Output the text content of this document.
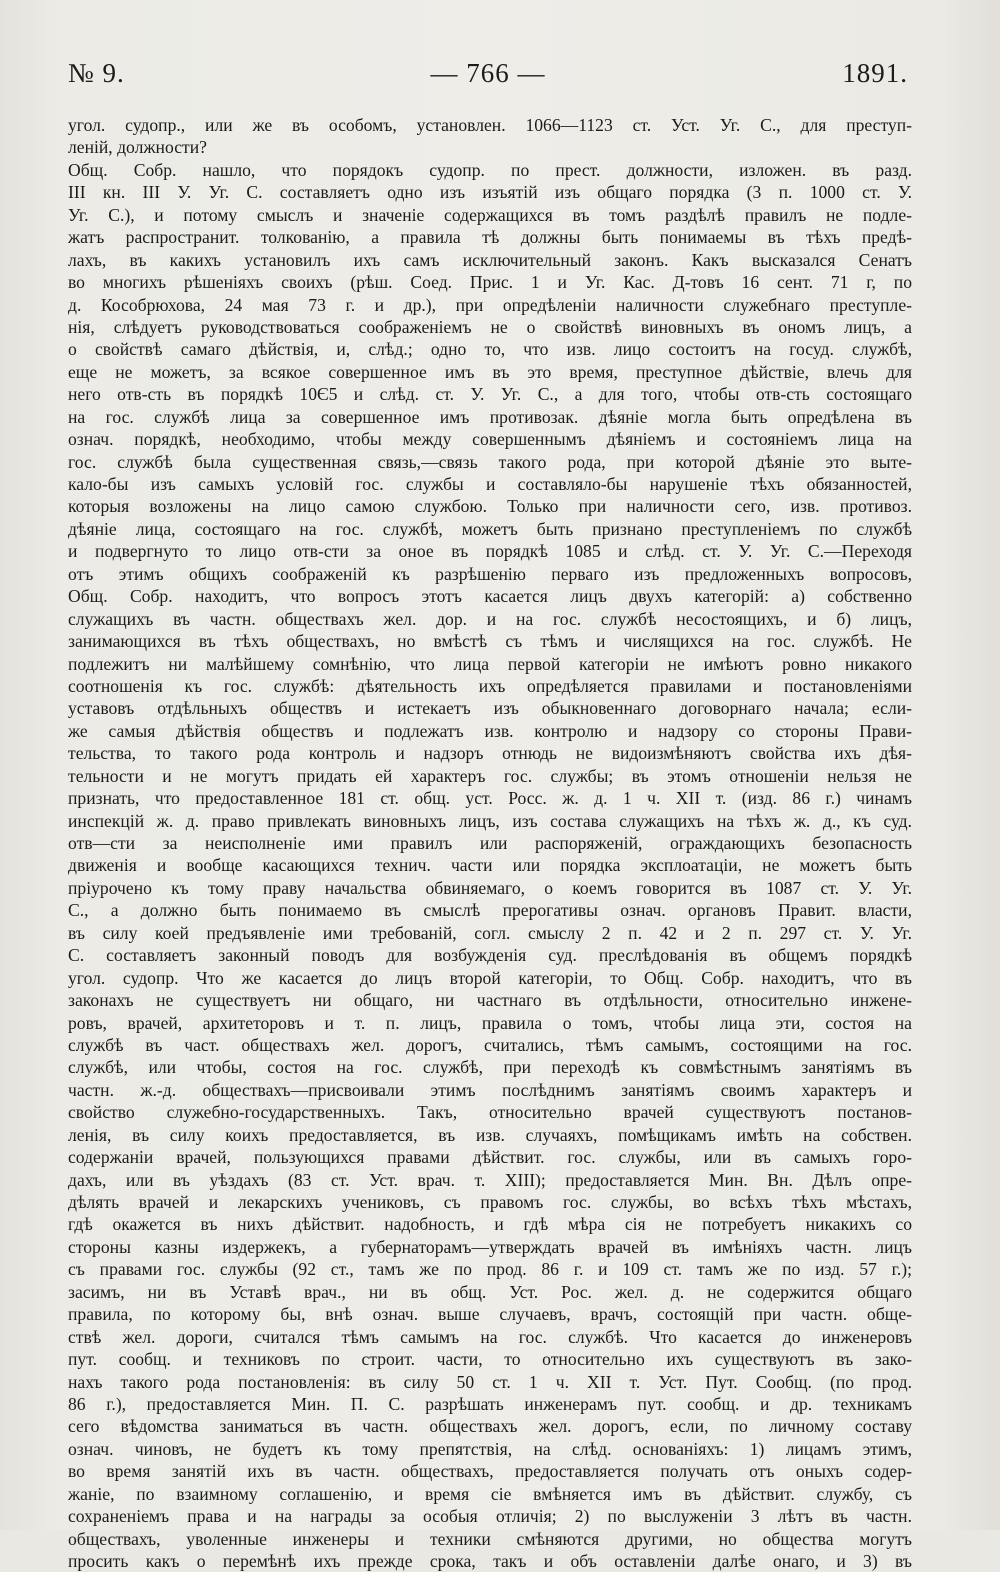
№ 9.	— 766 —	1891.
угол. судопр., или же въ особомъ, установлен. 1066—1123 ст. Уст. Уг. С., для преступ-
леній, должности?
Общ. Собр. нашло, что порядокъ судопр. по прест. должности, изложен. въ разд.
III кн. III У. Уг. С. составляетъ одно изъ изъятій изъ общаго порядка (3 п. 1000 ст. У.
Уг. С.), и потому смыслъ и значеніе содержащихся въ томъ раздѣлѣ правилъ не подле-
жатъ распространит. толкованію, а правила тѣ должны быть понимаемы въ тѣхъ предѣ-
лахъ, въ какихъ установилъ ихъ самъ исключительный законъ. Какъ высказался Сенатъ
во многихъ рѣшеніяхъ своихъ (рѣш. Соед. Прис. 1 и Уг. Кас. Д-товъ 16 сент. 71 г, по
д. Кособрюхова, 24 мая 73 г. и др.), при опредѣленіи наличности служебнаго преступле-
нія, слѣдуетъ руководствоваться соображеніемъ не о свойствѣ виновныхъ въ ономъ лицъ, а
о свойствѣ самаго дѣйствія, и, слѣд.; одно то, что изв. лицо состоитъ на госуд. службѣ,
еще не можетъ, за всякое совершенное имъ въ это время, преступное дѣйствіе, влечь для
него отв-сть въ порядкѣ 10Є5 и слѣд. ст. У. Уг. С., а для того, чтобы отв-сть состоящаго
на гос. службѣ лица за совершенное имъ противозак. дѣяніе могла быть опредѣлена въ
означ. порядкѣ, необходимо, чтобы между совершеннымъ дѣяніемъ и состояніемъ лица на
гос. службѣ была существенная связь,—связь такого рода, при которой дѣяніе это выте-
кало-бы изъ самыхъ условій гос. службы и составляло-бы нарушеніе тѣхъ обязанностей,
которыя возложены на лицо самою службою. Только при наличности сего, изв. противоз.
дѣяніе лица, состоящаго на гос. службѣ, можетъ быть признано преступленіемъ по службѣ
и подвергнуто то лицо отв-сти за оное въ порядкѣ 1085 и слѣд. ст. У. Уг. С.—Переходя
отъ этимъ общихъ соображеній къ разрѣшенію перваго изъ предложенныхъ вопросовъ,
Общ. Собр. находитъ, что вопросъ этотъ касается лицъ двухъ категорій: а) собственно
служащихъ въ частн. обществахъ жел. дор. и на гос. службѣ несостоящихъ, и б) лицъ,
занимающихся въ тѣхъ обществахъ, но вмѣстѣ съ тѣмъ и числящихся на гос. службѣ. Не
подлежитъ ни малѣйшему сомнѣнію, что лица первой категоріи не имѣютъ ровно никакого
соотношенія къ гос. службѣ: дѣятельность ихъ опредѣляется правилами и постановленіями
уставовъ отдѣльныхъ обществъ и истекаетъ изъ обыкновеннаго договорнаго начала; если-
же самыя дѣйствія обществъ и подлежатъ изв. контролю и надзору со стороны Прави-
тельства, то такого рода контроль и надзоръ отнюдь не видоизмѣняютъ свойства ихъ дѣя-
тельности и не могутъ придать ей характеръ гос. службы; въ этомъ отношеніи нельзя не
признать, что предоставленное 181 ст. общ. уст. Росс. ж. д. 1 ч. XII т. (изд. 86 г.) чинамъ
инспекцій ж. д. право привлекать виновныхъ лицъ, изъ состава служащихъ на тѣхъ ж. д., къ суд.
отв—сти за неисполненіе ими правилъ или распоряженій, ограждающихъ безопасность
движенія и вообще касающихся технич. части или порядка эксплоатаціи, не можетъ быть
пріурочено къ тому праву начальства обвиняемаго, о коемъ говорится въ 1087 ст. У. Уг.
С., а должно быть понимаемо въ смыслѣ прерогативы означ. органовъ Правит. власти,
въ силу коей предъявленіе ими требованій, согл. смыслу 2 п. 42 и 2 п. 297 ст. У. Уг.
С. составляетъ законный поводъ для возбужденія суд. преслѣдованія въ общемъ порядкѣ
угол. судопр. Что же касается до лицъ второй категоріи, то Общ. Собр. находитъ, что въ
законахъ не существуетъ ни общаго, ни частнаго въ отдѣльности, относительно инжене-
ровъ, врачей, архитеторовъ и т. п. лицъ, правила о томъ, чтобы лица эти, состоя на
службѣ въ част. обществахъ жел. дорогъ, считались, тѣмъ самымъ, состоящими на гос.
службѣ, или чтобы, состоя на гос. службѣ, при переходѣ къ совмѣстнымъ занятіямъ въ
частн. ж.-д. обществахъ—присвоивали этимъ послѣднимъ занятіямъ своимъ характеръ и
свойство служебно-государственныхъ. Такъ, относительно врачей существуютъ постанов-
ленія, въ силу коихъ предоставляется, въ изв. случаяхъ, помѣщикамъ имѣть на собствен.
содержаніи врачей, пользующихся правами дѣйствит. гос. службы, или въ самыхъ горо-
дахъ, или въ уѣздахъ (83 ст. Уст. врач. т. XIII); предоставляется Мин. Вн. Дѣлъ опре-
дѣлять врачей и лекарскихъ учениковъ, съ правомъ гос. службы, во всѣхъ тѣхъ мѣстахъ,
гдѣ окажется въ нихъ дѣйствит. надобность, и гдѣ мѣра сія не потребуетъ никакихъ со
стороны казны издержекъ, а губернаторамъ—утверждать врачей въ имѣніяхъ частн. лицъ
съ правами гос. службы (92 ст., тамъ же по прод. 86 г. и 109 ст. тамъ же по изд. 57 г.);
засимъ, ни въ Уставѣ врач., ни въ общ. Уст. Рос. жел. д. не содержится общаго
правила, по которому бы, внѣ означ. выше случаевъ, врачъ, состоящій при частн. обще-
ствѣ жел. дороги, считался тѣмъ самымъ на гос. службѣ. Что касается до инженеровъ
пут. сообщ. и техниковъ по строит. части, то относительно ихъ существуютъ въ зако-
нахъ такого рода постановленія: въ силу 50 ст. 1 ч. XII т. Уст. Пут. Сообщ. (по прод.
86 г.), предоставляется Мин. П. С. разрѣшать инженерамъ пут. сообщ. и др. техникамъ
сего вѣдомства заниматься въ частн. обществахъ жел. дорогъ, если, по личному составу
означ. чиновъ, не будетъ къ тому препятствія, на слѣд. основаніяхъ: 1) лицамъ этимъ,
во время занятій ихъ въ частн. обществахъ, предоставляется получать отъ оныхъ содер-
жаніе, по взаимному соглашенію, и время сіе вмѣняется имъ въ дѣйствит. службу, съ
сохраненіемъ права и на награды за особыя отличія; 2) по выслуженіи 3 лѣтъ въ частн.
обществахъ, уволенные инженеры и техники смѣняются другими, но общества могутъ
просить какъ о перемѣнѣ ихъ прежде срока, такъ и объ оставленіи далѣе онаго, и 3) въ
